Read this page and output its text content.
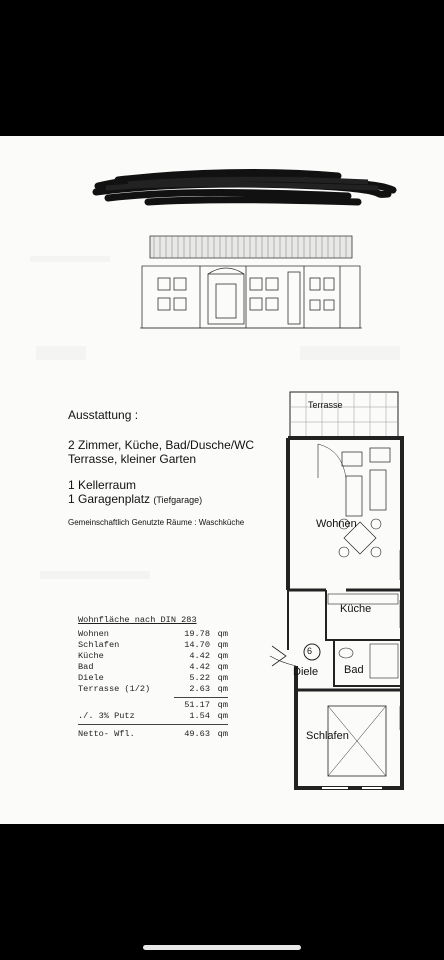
Ausstattung :
2 Zimmer, Küche, Bad/Dusche/WC
Terrasse, kleiner Garten
1 Kellerraum
1 Garagenplatz (Tiefgarage)
Gemeinschaftlich Genutzte Räume : Waschküche
Wohnfläche nach DIN 283
Wohnen	19.78 qm
Schlafen	14.70 qm
Küche	4.42 qm
Bad	4.42 qm
Diele	5.22 qm
Terrasse (1/2)	2.63 qm
51.17 qm
./. 3% Putz	1.54 qm
Netto- Wfl.	49.63 qm
Terrasse
Wohnen
Küche
Bad
Diele
6
Schlafen
